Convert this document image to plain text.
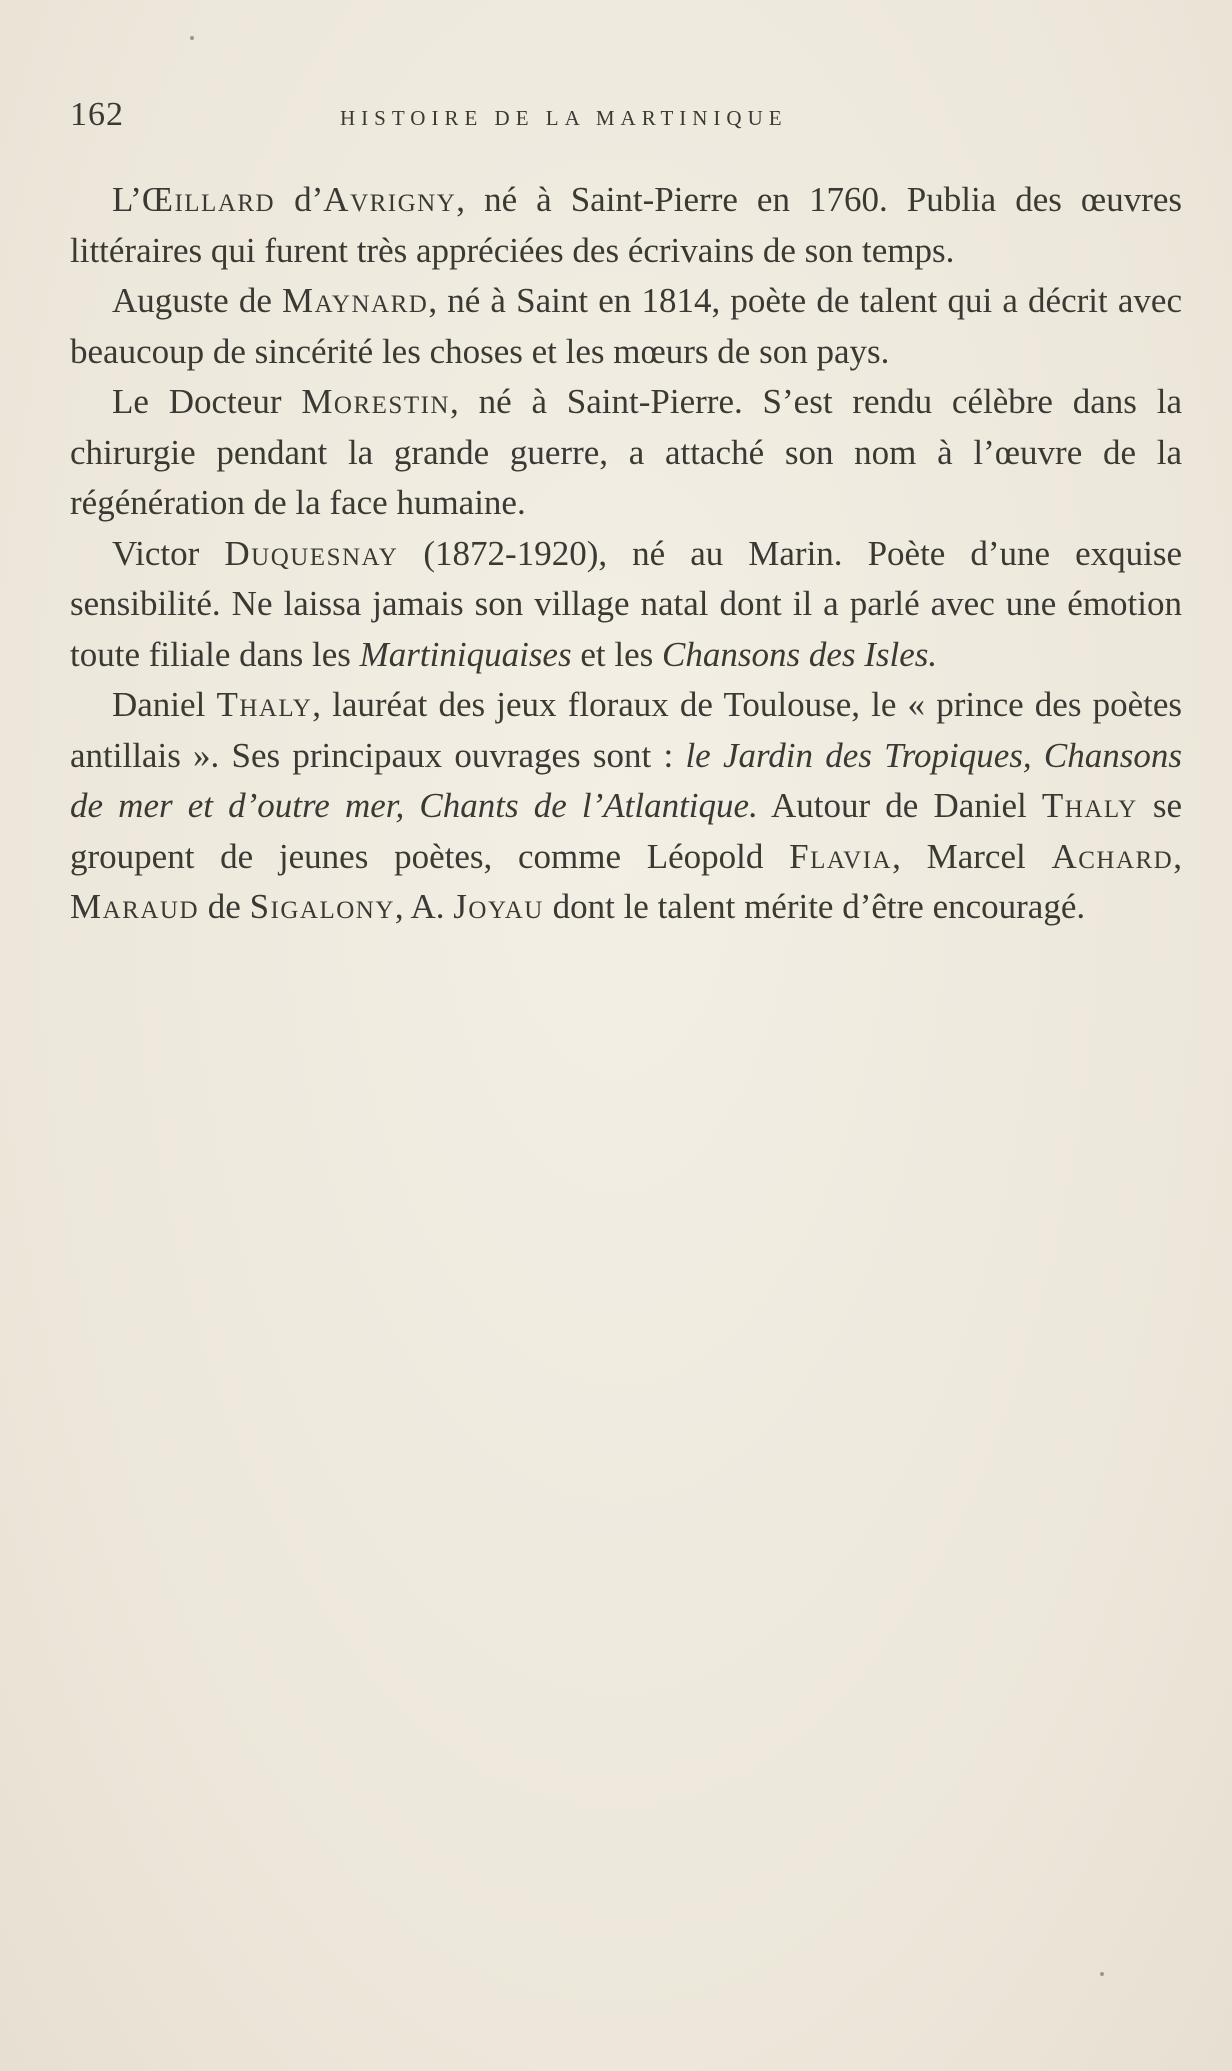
162	HISTOIRE DE LA MARTINIQUE

L’Œillard d’Avrigny, né à Saint-Pierre en 1760. Publia des œuvres littéraires qui furent très appréciées des écrivains de son temps.

Auguste de Maynard, né à Saint en 1814, poète de talent qui a décrit avec beaucoup de sincérité les choses et les mœurs de son pays.

Le Docteur Morestin, né à Saint-Pierre. S’est rendu célèbre dans la chirurgie pendant la grande guerre, a attaché son nom à l’œuvre de la régénération de la face humaine.

Victor Duquesnay (1872-1920), né au Marin. Poète d’une exquise sensibilité. Ne laissa jamais son village natal dont il a parlé avec une émotion toute filiale dans les Martiniquaises et les Chansons des Isles.

Daniel Thaly, lauréat des jeux floraux de Toulouse, le « prince des poètes antillais ». Ses principaux ouvrages sont : le Jardin des Tropiques, Chansons de mer et d’outre mer, Chants de l’Atlantique. Autour de Daniel Thaly se groupent de jeunes poètes, comme Léopold Flavia, Marcel Achard, Maraud de Sigalony, A. Joyau dont le talent mérite d’être encouragé.
